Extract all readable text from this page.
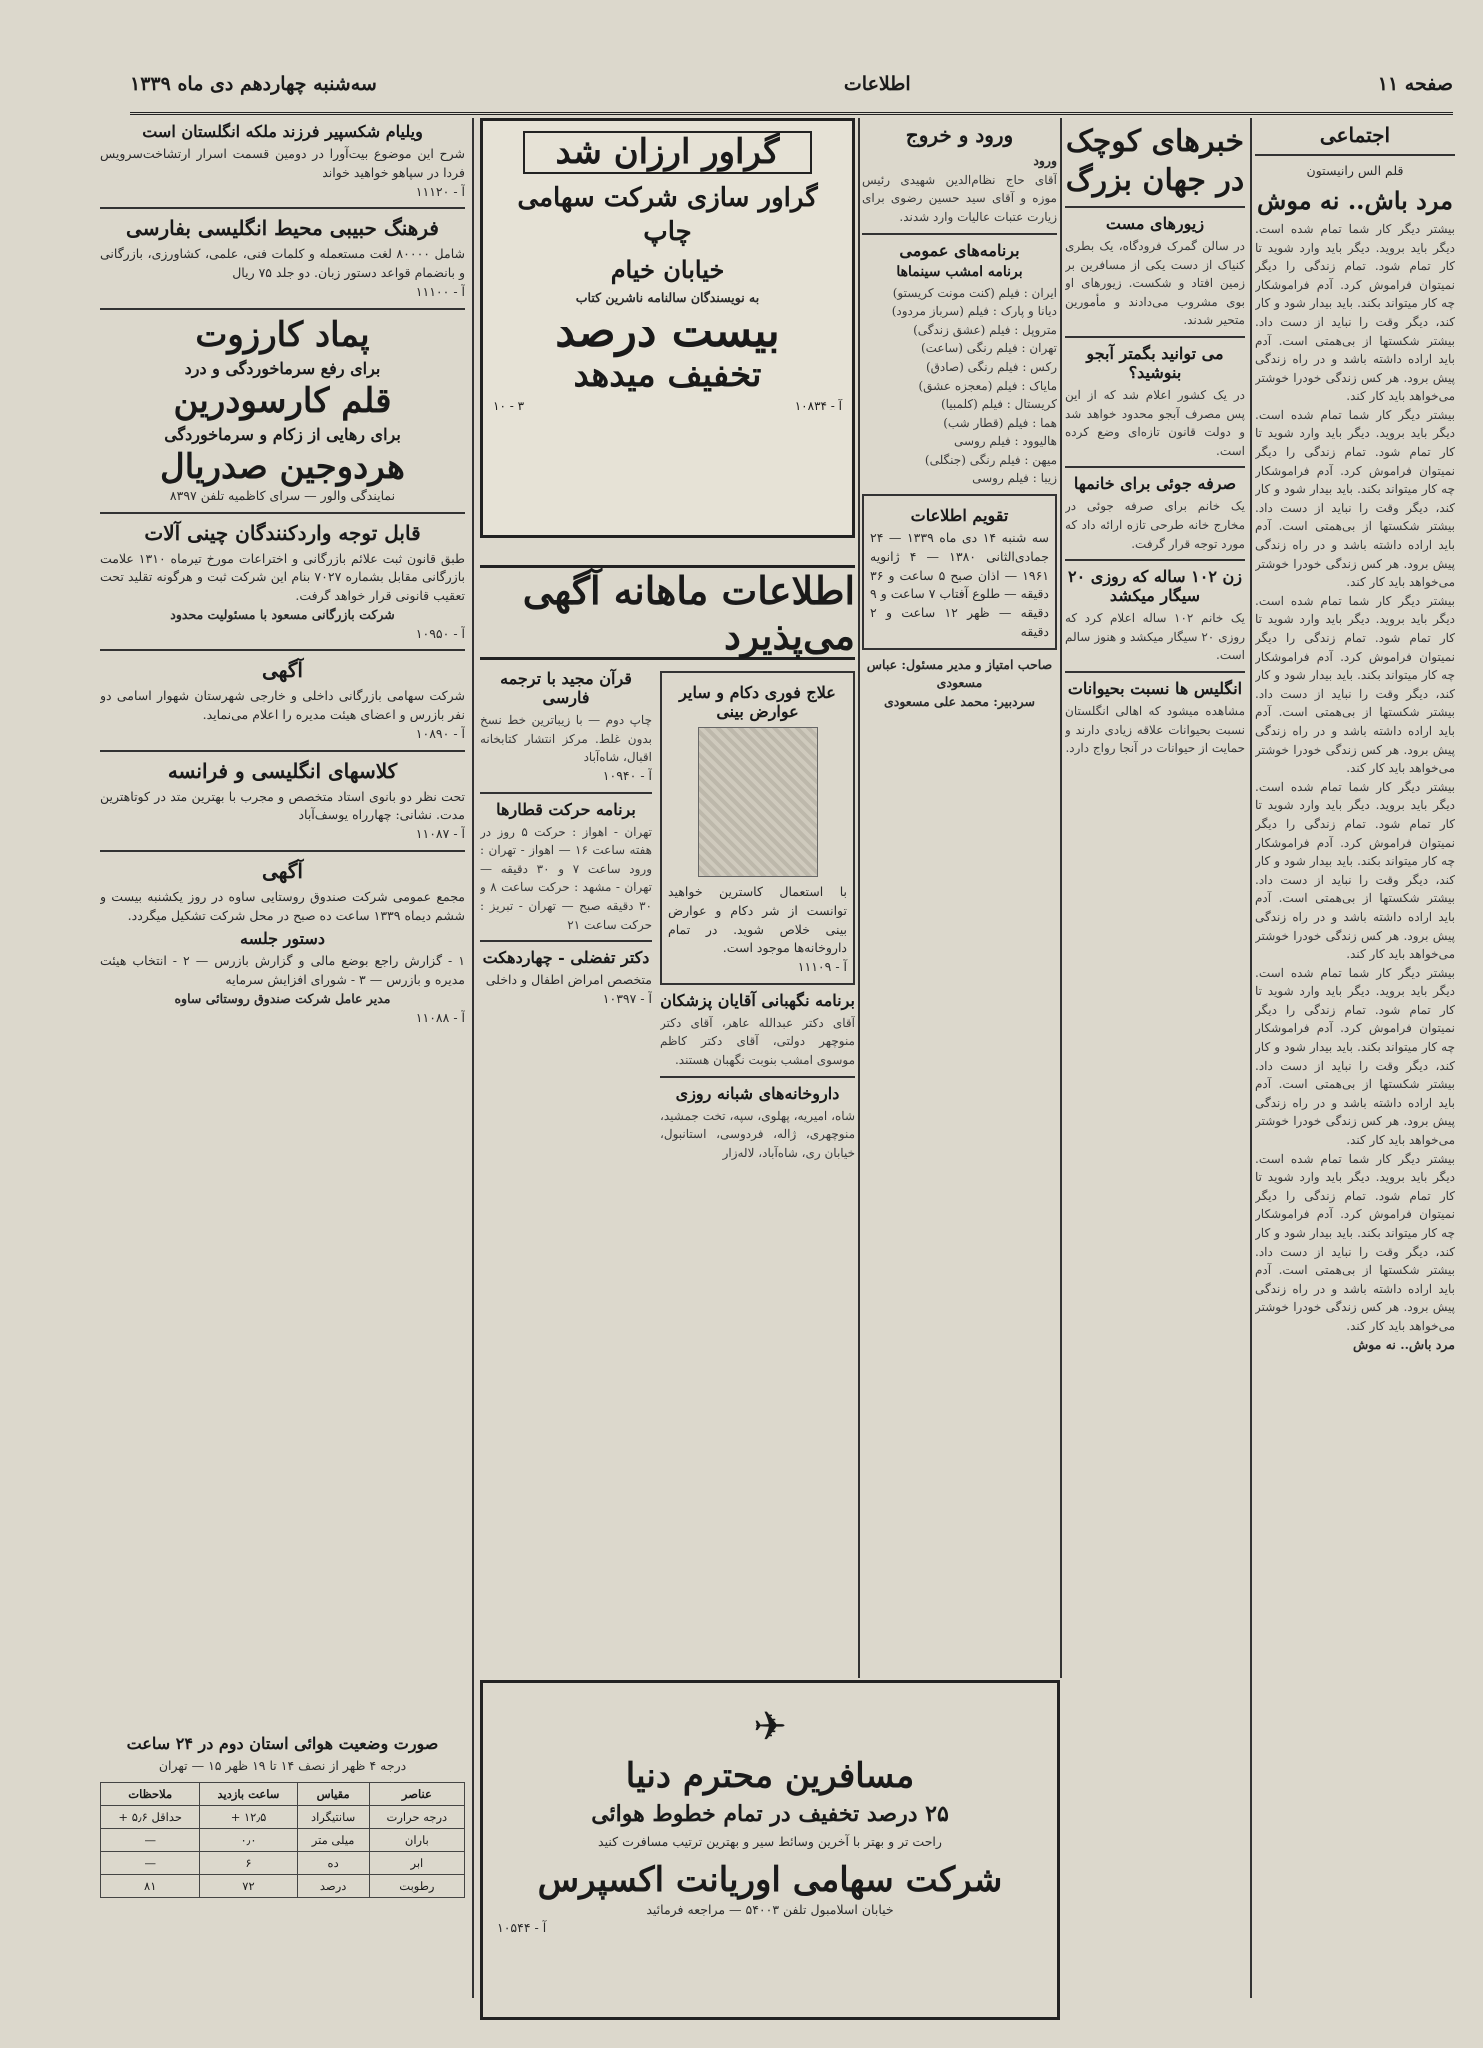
صفحه ۱۱
اطلاعات
سه‌شنبه چهاردهم دی ماه ۱۳۳۹
اجتماعی
قلم الس رانیستون
مرد باش.. نه موش
بیشتر دیگر کار شما تمام شده است. دیگر باید بروید. دیگر باید وارد شوید تا کار تمام شود. تمام زندگی را دیگر نمیتوان فراموش کرد. آدم فراموشکار چه کار میتواند بکند. باید بیدار شود و کار کند، دیگر وقت را نباید از دست داد. بیشتر شکستها از بی‌همتی است. آدم باید اراده داشته باشد و در راه زندگی پیش برود. هر کس زندگی خودرا خوشتر می‌خواهد باید کار کند.
بیشتر دیگر کار شما تمام شده است. دیگر باید بروید. دیگر باید وارد شوید تا کار تمام شود. تمام زندگی را دیگر نمیتوان فراموش کرد. آدم فراموشکار چه کار میتواند بکند. باید بیدار شود و کار کند، دیگر وقت را نباید از دست داد. بیشتر شکستها از بی‌همتی است. آدم باید اراده داشته باشد و در راه زندگی پیش برود. هر کس زندگی خودرا خوشتر می‌خواهد باید کار کند.
بیشتر دیگر کار شما تمام شده است. دیگر باید بروید. دیگر باید وارد شوید تا کار تمام شود. تمام زندگی را دیگر نمیتوان فراموش کرد. آدم فراموشکار چه کار میتواند بکند. باید بیدار شود و کار کند، دیگر وقت را نباید از دست داد. بیشتر شکستها از بی‌همتی است. آدم باید اراده داشته باشد و در راه زندگی پیش برود. هر کس زندگی خودرا خوشتر می‌خواهد باید کار کند.
بیشتر دیگر کار شما تمام شده است. دیگر باید بروید. دیگر باید وارد شوید تا کار تمام شود. تمام زندگی را دیگر نمیتوان فراموش کرد. آدم فراموشکار چه کار میتواند بکند. باید بیدار شود و کار کند، دیگر وقت را نباید از دست داد. بیشتر شکستها از بی‌همتی است. آدم باید اراده داشته باشد و در راه زندگی پیش برود. هر کس زندگی خودرا خوشتر می‌خواهد باید کار کند.
بیشتر دیگر کار شما تمام شده است. دیگر باید بروید. دیگر باید وارد شوید تا کار تمام شود. تمام زندگی را دیگر نمیتوان فراموش کرد. آدم فراموشکار چه کار میتواند بکند. باید بیدار شود و کار کند، دیگر وقت را نباید از دست داد. بیشتر شکستها از بی‌همتی است. آدم باید اراده داشته باشد و در راه زندگی پیش برود. هر کس زندگی خودرا خوشتر می‌خواهد باید کار کند.
بیشتر دیگر کار شما تمام شده است. دیگر باید بروید. دیگر باید وارد شوید تا کار تمام شود. تمام زندگی را دیگر نمیتوان فراموش کرد. آدم فراموشکار چه کار میتواند بکند. باید بیدار شود و کار کند، دیگر وقت را نباید از دست داد. بیشتر شکستها از بی‌همتی است. آدم باید اراده داشته باشد و در راه زندگی پیش برود. هر کس زندگی خودرا خوشتر می‌خواهد باید کار کند.
مرد باش.. نه موش
خبرهای کوچک در جهان بزرگ
زیورهای مست
در سالن گمرک فرودگاه، یک بطری کنیاک از دست یکی از مسافرین بر زمین افتاد و شکست. زیورهای او بوی مشروب می‌دادند و مأمورین متحیر شدند.
می توانید بگمتر آبجو بنوشید؟
در یک کشور اعلام شد که از این پس مصرف آبجو محدود خواهد شد و دولت قانون تازه‌ای وضع کرده است.
صرفه جوئی برای خانمها
یک خانم برای صرفه جوئی در مخارج خانه طرحی تازه ارائه داد که مورد توجه قرار گرفت.
زن ۱۰۲ ساله که روزی ۲۰ سیگار میکشد
یک خانم ۱۰۲ ساله اعلام کرد که روزی ۲۰ سیگار میکشد و هنوز سالم است.
انگلیس ها نسبت بحیوانات
مشاهده میشود که اهالی انگلستان نسبت بحیوانات علاقه زیادی دارند و حمایت از حیوانات در آنجا رواج دارد.
ورود و خروج
ورود
آقای حاج نظام‌الدین شهیدی رئیس موزه و آقای سید حسین رضوی برای زیارت عتبات عالیات وارد شدند.
برنامه‌های عمومی
برنامه امشب سینماها
ایران : فیلم (کنت مونت کریستو)
دیانا و پارک : فیلم (سرباز مردود)
متروپل : فیلم (عشق زندگی)
تهران : فیلم رنگی (ساعت)
رکس : فیلم رنگی (صادق)
مایاک : فیلم (معجزه عشق)
کریستال : فیلم (کلمبیا)
هما : فیلم (قطار شب)
هالیوود : فیلم روسی
میهن : فیلم رنگی (جنگلی)
زیبا : فیلم روسی
تقویم اطلاعات
سه شنبه ۱۴ دی ماه ۱۳۳۹ — ۲۴ جمادی‌الثانی ۱۳۸۰ — ۴ ژانویه ۱۹۶۱ — اذان صبح ۵ ساعت و ۳۶ دقیقه — طلوع آفتاب ۷ ساعت و ۹ دقیقه — ظهر ۱۲ ساعت و ۲ دقیقه
صاحب امتیاز و مدیر مسئول: عباس مسعودی
سردبیر: محمد علی مسعودی
گراور ارزان شد
گراور سازی شرکت سهامی چاپ
خیابان خیام
به نویسندگان سالنامه ناشرین کتاب
بیست درصد
تخفیف میدهد
آ - ۱۰۸۳۴
۳ - ۱۰
اطلاعات ماهانه آگهی می‌پذیرد
علاج فوری دکام و سایر عوارض بینی
با استعمال کاسترین خواهید توانست از شر دکام و عوارض بینی خلاص شوید. در تمام داروخانه‌ها موجود است.
آ - ۱۱۱۰۹
برنامه نگهبانی آقایان پزشکان
آقای دکتر عبدالله عاهر، آقای دکتر منوچهر دولتی، آقای دکتر کاظم موسوی امشب بنوبت نگهبان هستند.
داروخانه‌های شبانه روزی
شاه، امیریه، پهلوی، سپه، تخت جمشید، منوچهری، ژاله، فردوسی، استانبول، خیابان ری، شاه‌آباد، لاله‌زار
قرآن مجید با ترجمه فارسی
چاپ دوم — با زیباترین خط نسخ بدون غلط. مرکز انتشار کتابخانه اقبال، شاه‌آباد
آ - ۱۰۹۴۰
برنامه حرکت قطارها
تهران - اهواز : حرکت ۵ روز در هفته ساعت ۱۶ — اهواز - تهران : ورود ساعت ۷ و ۳۰ دقیقه — تهران - مشهد : حرکت ساعت ۸ و ۳۰ دقیقه صبح — تهران - تبریز : حرکت ساعت ۲۱
دکتر تفضلی - چهاردهکت
متخصص امراض اطفال و داخلی
آ - ۱۰۳۹۷
ویلیام شکسپیر فرزند ملکه انگلستان است
شرح این موضوع بیت‌آورا در دومین قسمت اسرار ارتشاخت‌سرویس فردا در سپاهو خواهید خواند
آ - ۱۱۱۲۰
فرهنگ حبیبی محیط انگلیسی بفارسی
شامل ۸۰۰۰۰ لغت مستعمله و کلمات فنی، علمی، کشاورزی، بازرگانی و بانضمام قواعد دستور زبان. دو جلد ۷۵ ریال
آ - ۱۱۱۰۰
پماد کارزوت
برای رفع سرماخوردگی و درد
قلم کارسودرین
برای رهایی از زکام و سرماخوردگی
هردوجین صدریال
نمایندگی والور — سرای کاظمیه تلفن ۸۳۹۷
قابل توجه واردکنندگان چینی آلات
طبق قانون ثبت علائم بازرگانی و اختراعات مورخ تیرماه ۱۳۱۰ علامت بازرگانی مقابل بشماره ۷۰۲۷ بنام این شرکت ثبت و هرگونه تقلید تحت تعقیب قانونی قرار خواهد گرفت.
شرکت بازرگانی مسعود با مسئولیت محدود
آ - ۱۰۹۵۰
آگهی
شرکت سهامی بازرگانی داخلی و خارجی شهرستان شهوار اسامی دو نفر بازرس و اعضای هیئت مدیره را اعلام می‌نماید.
آ - ۱۰۸۹۰
کلاسهای انگلیسی و فرانسه
تحت نظر دو بانوی استاد متخصص و مجرب با بهترین متد در کوتاهترین مدت. نشانی: چهارراه یوسف‌آباد
آ - ۱۱۰۸۷
آگهی
مجمع عمومی شرکت صندوق روستایی ساوه در روز یکشنبه بیست و ششم دیماه ۱۳۳۹ ساعت ده صبح در محل شرکت تشکیل میگردد.
دستور جلسه
۱ - گزارش راجع بوضع مالی و گزارش بازرس — ۲ - انتخاب هیئت مدیره و بازرس — ۳ - شورای افزایش سرمایه
مدیر عامل شرکت صندوق روستائی ساوه
آ - ۱۱۰۸۸
صورت وضعیت هوائی استان دوم در ۲۴ ساعت
درجه ۴ ظهر از نصف ۱۴ تا ۱۹ ظهر ۱۵ — تهران
عناصر	مقیاس	ساعت بازدید	ملاحظات
درجه حرارت	سانتیگراد	۱۲٫۵ +	حداقل ۵٫۶ +
باران	میلی متر	۰٫۰	—
ابر	ده	۶	—
رطوبت	درصد	۷۲	۸۱
✈
مسافرین محترم دنیا
۲۵ درصد تخفیف در تمام خطوط هوائی
راحت تر و بهتر با آخرین وسائط سیر و بهترین ترتیب مسافرت کنید
شرکت سهامی اوریانت اکسپرس
خیابان اسلامبول تلفن ۵۴۰۰۳ — مراجعه فرمائید
آ - ۱۰۵۴۴
